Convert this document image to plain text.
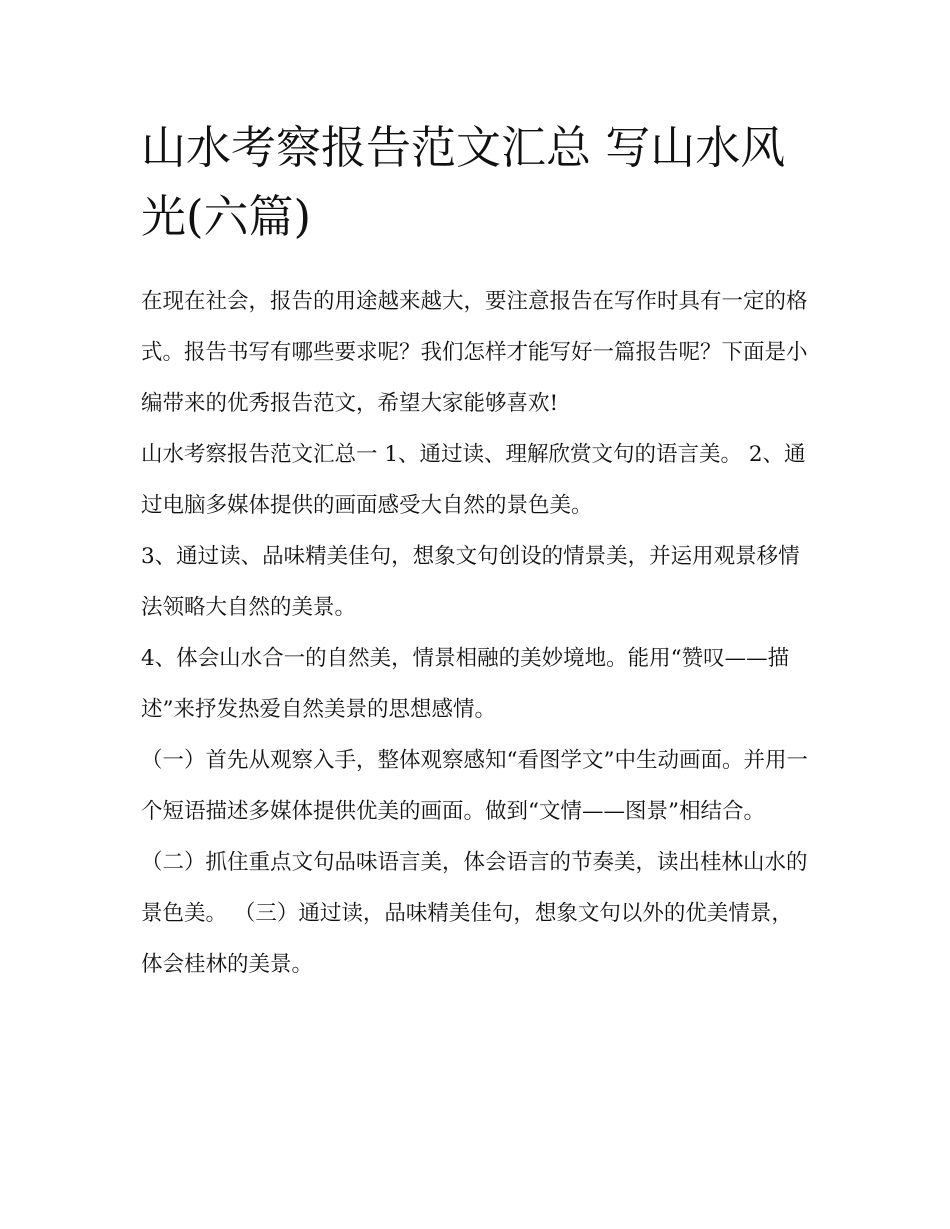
山水考察报告范文汇总 写山水风光(六篇)

在现在社会，报告的用途越来越大，要注意报告在写作时具有一定的格式。报告书写有哪些要求呢？我们怎样才能写好一篇报告呢？下面是小编带来的优秀报告范文，希望大家能够喜欢!

山水考察报告范文汇总一 1、通过读、理解欣赏文句的语言美。 2、通过电脑多媒体提供的画面感受大自然的景色美。

3、通过读、品味精美佳句，想象文句创设的情景美，并运用观景移情法领略大自然的美景。

4、体会山水合一的自然美，情景相融的美妙境地。能用“赞叹——描述”来抒发热爱自然美景的思想感情。

（一）首先从观察入手，整体观察感知“看图学文”中生动画面。并用一个短语描述多媒体提供优美的画面。做到“文情——图景”相结合。

（二）抓住重点文句品味语言美，体会语言的节奏美，读出桂林山水的景色美。 （三）通过读，品味精美佳句，想象文句以外的优美情景，体会桂林的美景。
